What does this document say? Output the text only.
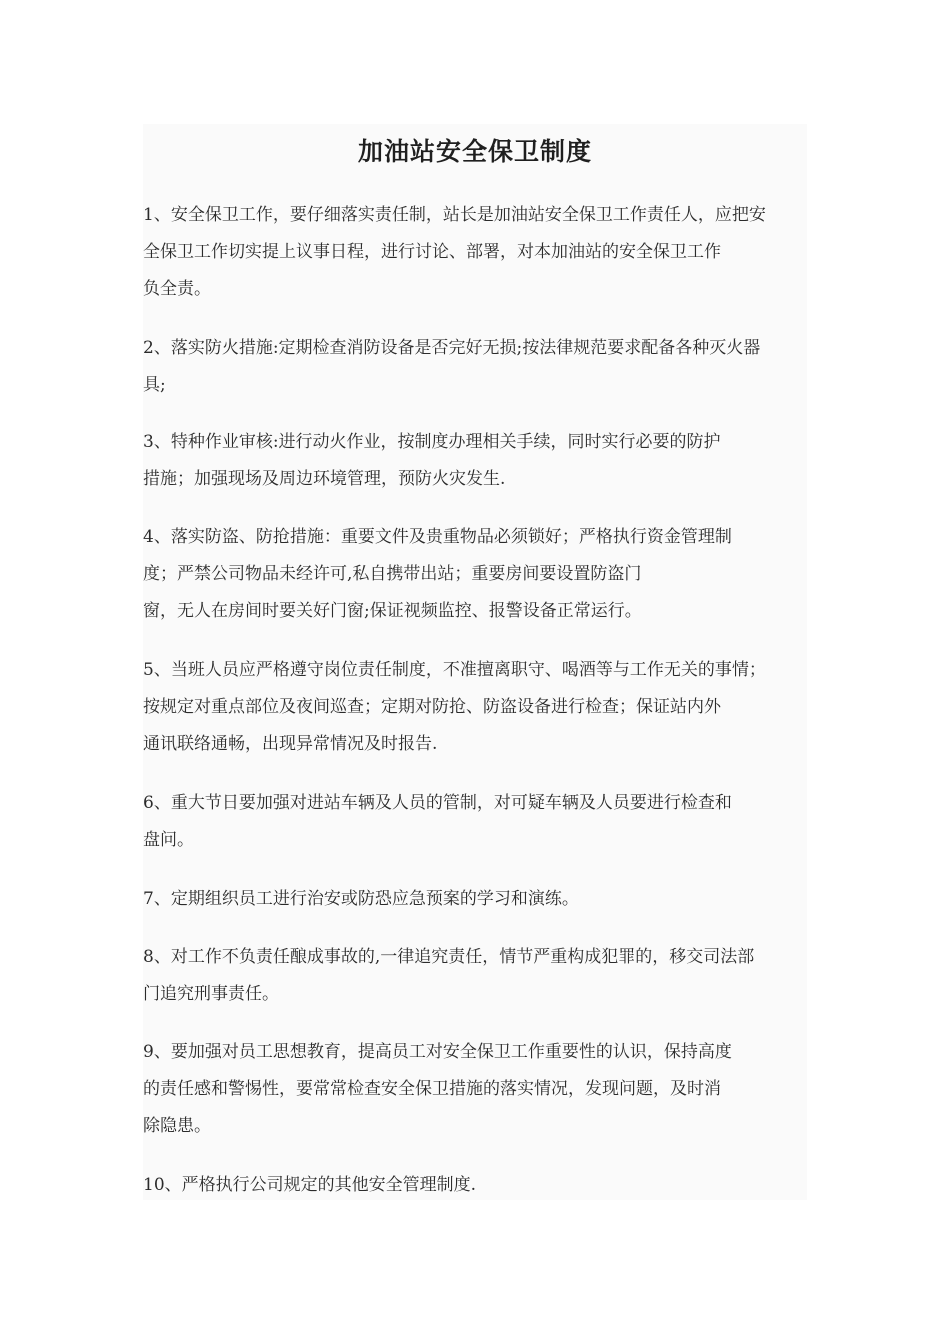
加油站安全保卫制度

1、安全保卫工作，要仔细落实责任制，站长是加油站安全保卫工作责任人，应把安
全保卫工作切实提上议事日程，进行讨论、部署，对本加油站的安全保卫工作
负全责。

2、落实防火措施:定期检查消防设备是否完好无损;按法律规范要求配备各种灭火器
具;

3、特种作业审核:进行动火作业，按制度办理相关手续，同时实行必要的防护
措施；加强现场及周边环境管理，预防火灾发生.

4、落实防盗、防抢措施：重要文件及贵重物品必须锁好；严格执行资金管理制
度；严禁公司物品未经许可,私自携带出站；重要房间要设置防盗门
窗，无人在房间时要关好门窗;保证视频监控、报警设备正常运行。

5、当班人员应严格遵守岗位责任制度，不准擅离职守、喝酒等与工作无关的事情；
按规定对重点部位及夜间巡查；定期对防抢、防盗设备进行检查；保证站内外
通讯联络通畅，出现异常情况及时报告.

6、重大节日要加强对进站车辆及人员的管制，对可疑车辆及人员要进行检查和
盘问。

7、定期组织员工进行治安或防恐应急预案的学习和演练。

8、对工作不负责任酿成事故的,一律追究责任，情节严重构成犯罪的，移交司法部
门追究刑事责任。

9、要加强对员工思想教育，提高员工对安全保卫工作重要性的认识，保持高度
的责任感和警惕性，要常常检查安全保卫措施的落实情况，发现问题，及时消
除隐患。

10、严格执行公司规定的其他安全管理制度.
